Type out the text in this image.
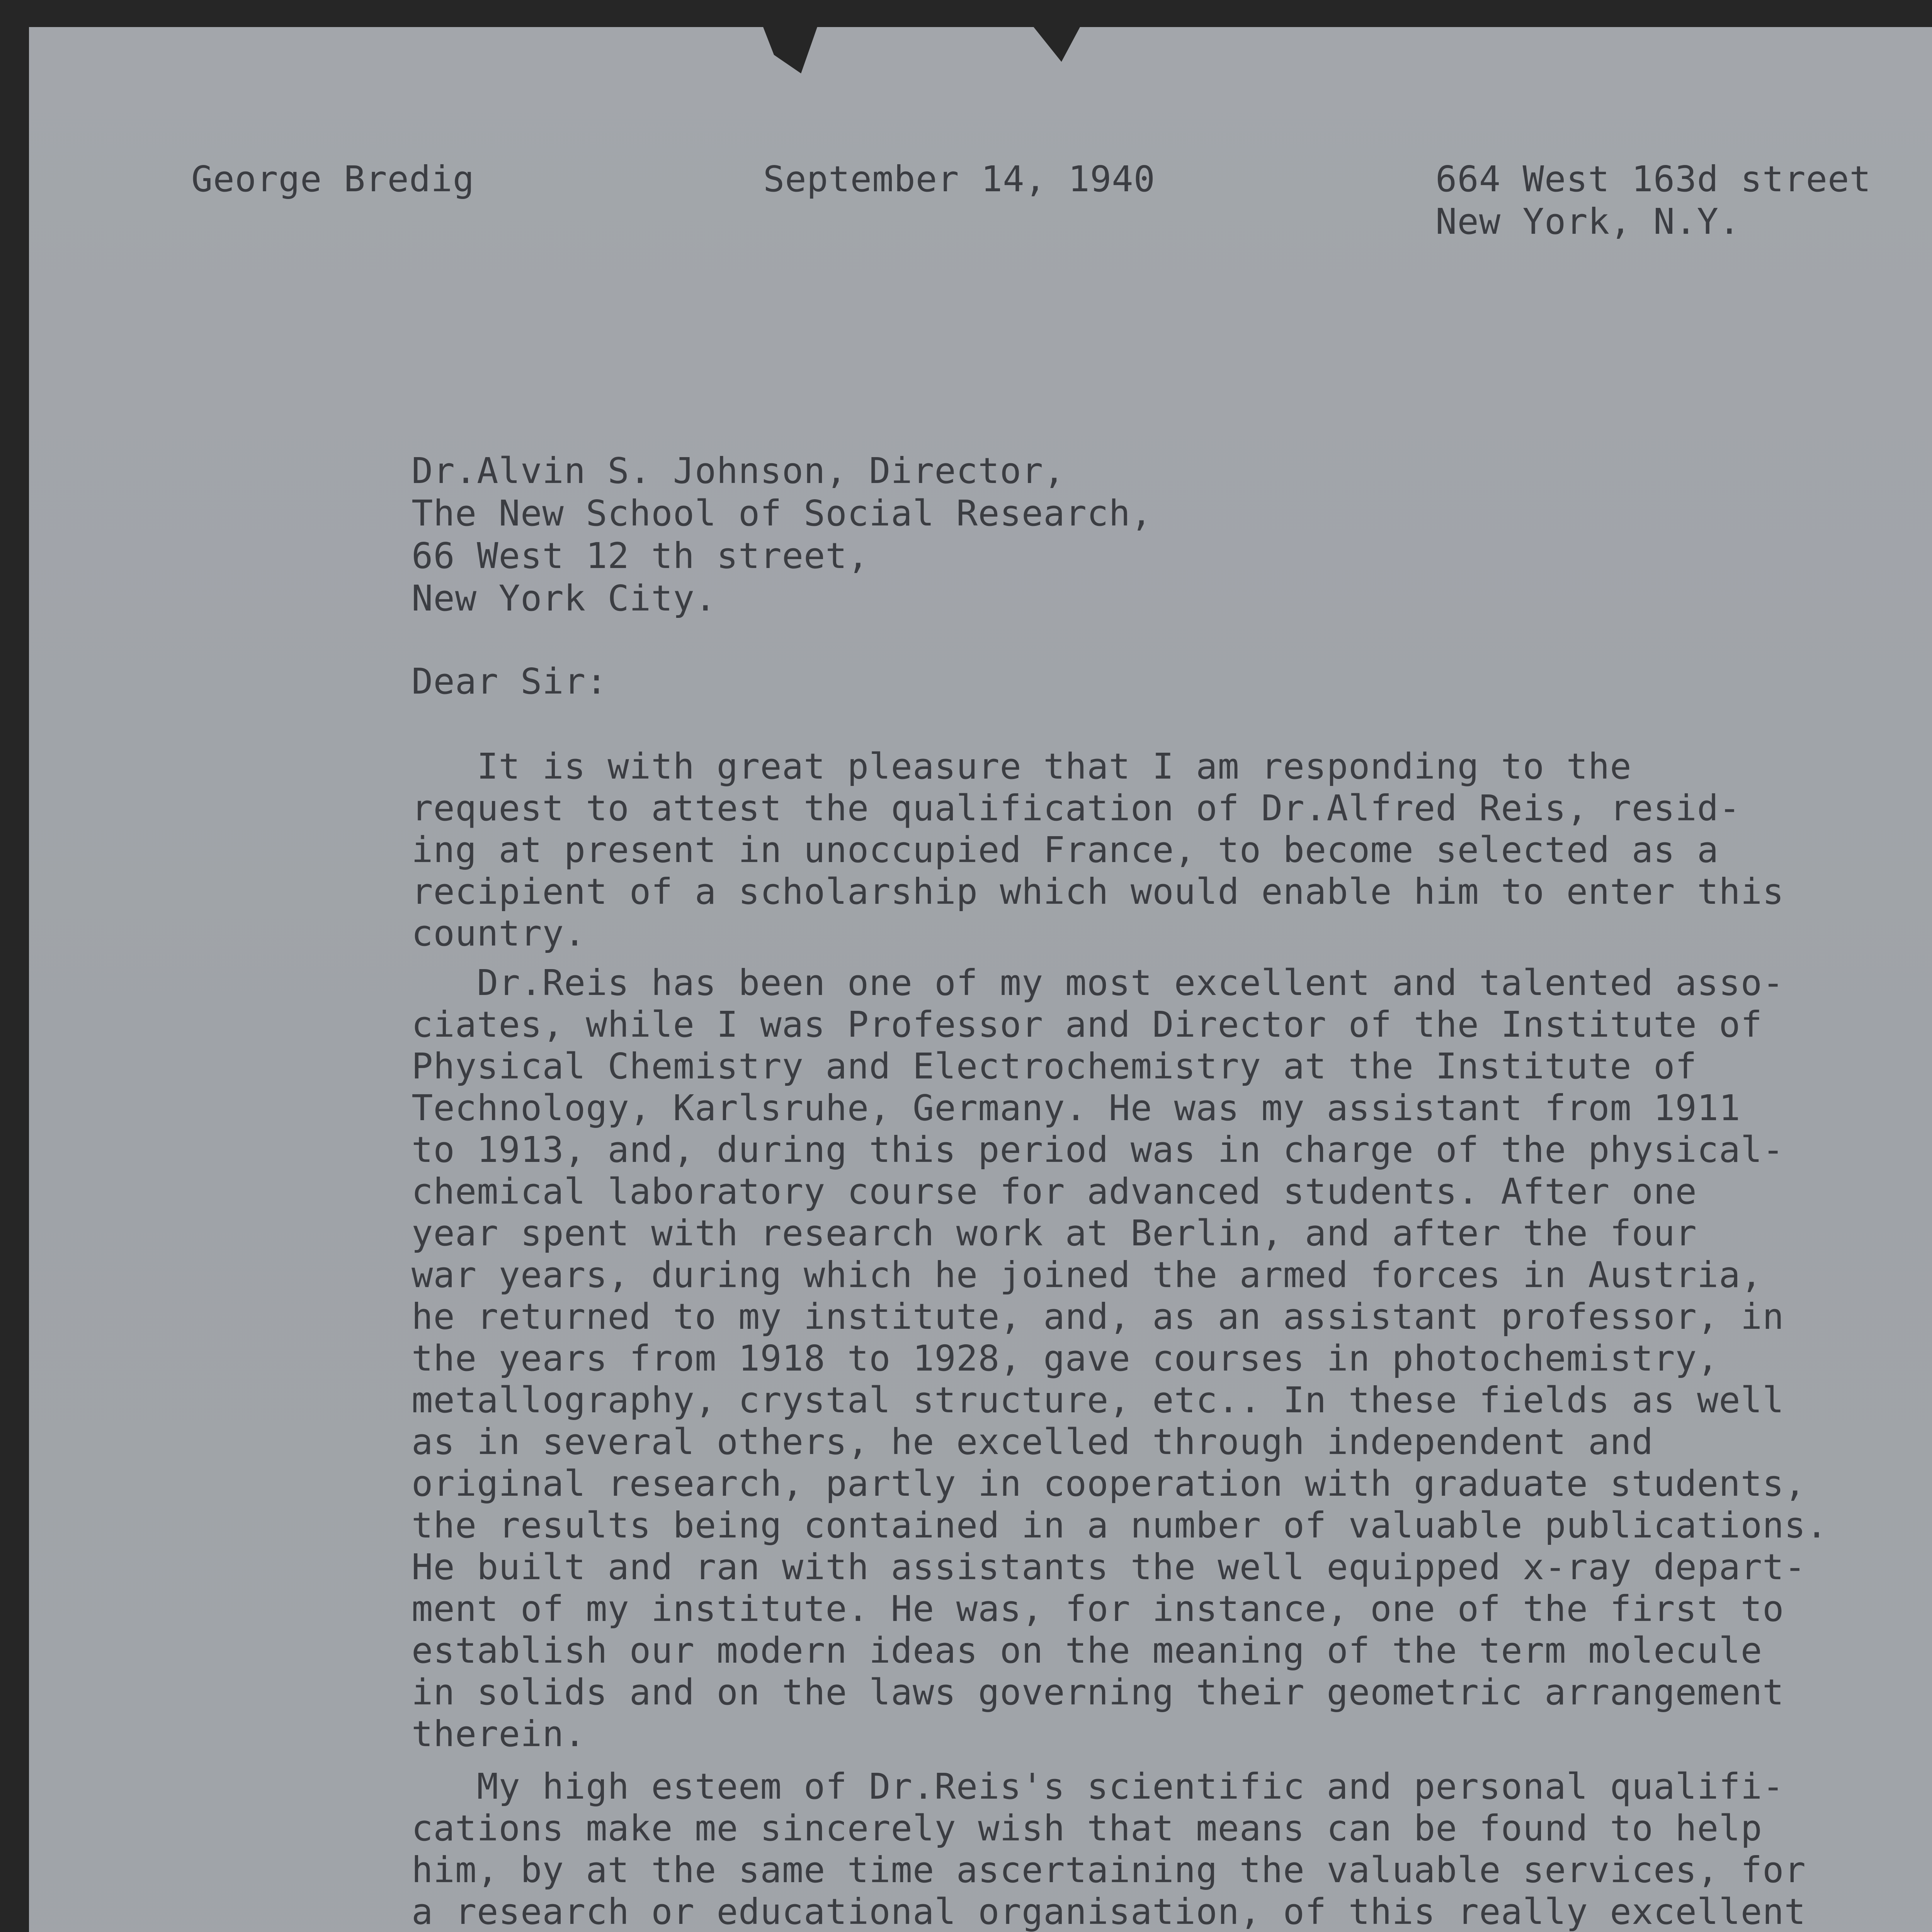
George Bredig	September 14, 1940	664 West 163d street
New York, N.Y.
Dr.Alvin S. Johnson, Director,
The New School of Social Research,
66 West 12 th street,
New York City.
Dear Sir:
It is with great pleasure that I am responding to the
request to attest the qualification of Dr.Alfred Reis, resid-
ing at present in unoccupied France, to become selected as a
recipient of a scholarship which would enable him to enter this
country.
Dr.Reis has been one of my most excellent and talented asso-
ciates, while I was Professor and Director of the Institute of
Physical Chemistry and Electrochemistry at the Institute of
Technology, Karlsruhe, Germany. He was my assistant from 1911
to 1913, and, during this period was in charge of the physical-
chemical laboratory course for advanced students. After one
year spent with research work at Berlin, and after the four
war years, during which he joined the armed forces in Austria,
he returned to my institute, and, as an assistant professor, in
the years from 1918 to 1928, gave courses in photochemistry,
metallography, crystal structure, etc.. In these fields as well
as in several others, he excelled through independent and
original research, partly in cooperation with graduate students,
the results being contained in a number of valuable publications.
He built and ran with assistants the well equipped x-ray depart-
ment of my institute. He was, for instance, one of the first to
establish our modern ideas on the meaning of the term molecule
in solids and on the laws governing their geometric arrangement
therein.
My high esteem of Dr.Reis's scientific and personal qualifi-
cations make me sincerely wish that means can be found to help
him, by at the same time ascertaining the valuable services, for
a research or educational organisation, of this really excellent
